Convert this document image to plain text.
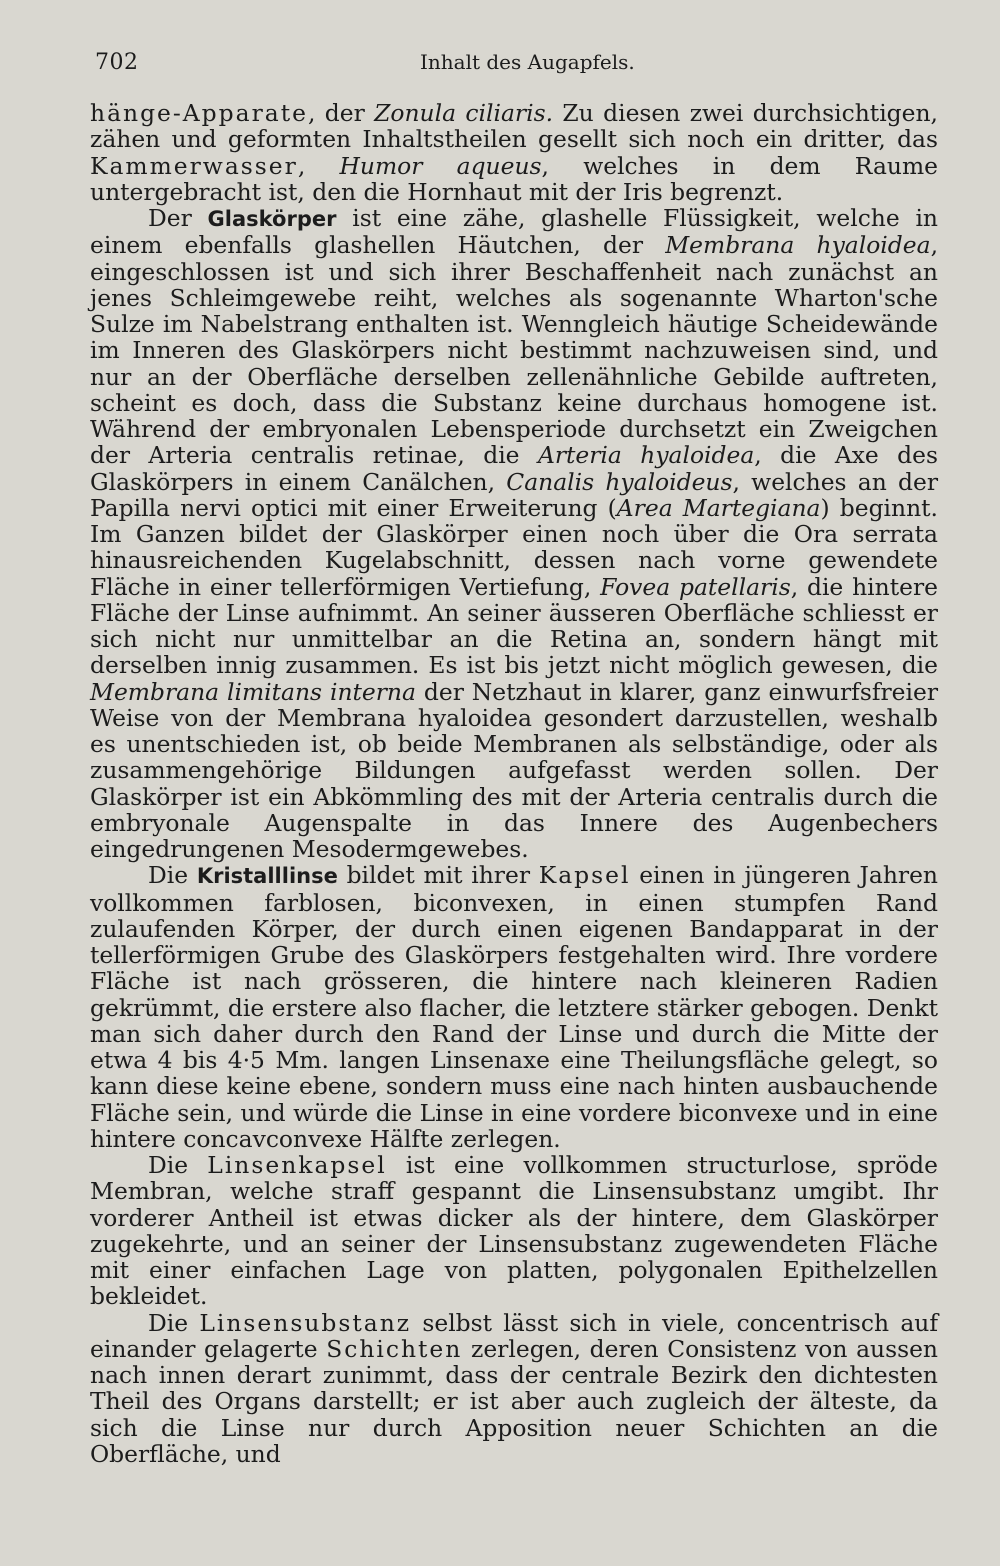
702	Inhalt des Augapfels.

hänge-Apparate, der Zonula ciliaris. Zu diesen zwei durchsichtigen, zähen und geformten Inhaltstheilen gesellt sich noch ein dritter, das Kammerwasser, Humor aqueus, welches in dem Raume untergebracht ist, den die Hornhaut mit der Iris begrenzt.

Der Glaskörper ist eine zähe, glashelle Flüssigkeit, welche in einem ebenfalls glashellen Häutchen, der Membrana hyaloidea, eingeschlossen ist und sich ihrer Beschaffenheit nach zunächst an jenes Schleimgewebe reiht, welches als sogenannte Wharton'sche Sulze im Nabelstrang enthalten ist. Wenngleich häutige Scheidewände im Inneren des Glaskörpers nicht bestimmt nachzuweisen sind, und nur an der Oberfläche derselben zellenähnliche Gebilde auftreten, scheint es doch, dass die Substanz keine durchaus homogene ist. Während der embryonalen Lebensperiode durchsetzt ein Zweigchen der Arteria centralis retinae, die Arteria hyaloidea, die Axe des Glaskörpers in einem Canälchen, Canalis hyaloideus, welches an der Papilla nervi optici mit einer Erweiterung (Area Martegiana) beginnt. Im Ganzen bildet der Glaskörper einen noch über die Ora serrata hinausreichenden Kugelabschnitt, dessen nach vorne gewendete Fläche in einer tellerförmigen Vertiefung, Fovea patellaris, die hintere Fläche der Linse aufnimmt. An seiner äusseren Oberfläche schliesst er sich nicht nur unmittelbar an die Retina an, sondern hängt mit derselben innig zusammen. Es ist bis jetzt nicht möglich gewesen, die Membrana limitans interna der Netzhaut in klarer, ganz einwurfsfreier Weise von der Membrana hyaloidea gesondert darzustellen, weshalb es unentschieden ist, ob beide Membranen als selbständige, oder als zusammengehörige Bildungen aufgefasst werden sollen. Der Glaskörper ist ein Abkömmling des mit der Arteria centralis durch die embryonale Augenspalte in das Innere des Augenbechers eingedrungenen Mesodermgewebes.

Die Kristalllinse bildet mit ihrer Kapsel einen in jüngeren Jahren vollkommen farblosen, biconvexen, in einen stumpfen Rand zulaufenden Körper, der durch einen eigenen Bandapparat in der tellerförmigen Grube des Glaskörpers festgehalten wird. Ihre vordere Fläche ist nach grösseren, die hintere nach kleineren Radien gekrümmt, die erstere also flacher, die letztere stärker gebogen. Denkt man sich daher durch den Rand der Linse und durch die Mitte der etwa 4 bis 4·5 Mm. langen Linsenaxe eine Theilungsfläche gelegt, so kann diese keine ebene, sondern muss eine nach hinten ausbauchende Fläche sein, und würde die Linse in eine vordere biconvexe und in eine hintere concavconvexe Hälfte zerlegen.

Die Linsenkapsel ist eine vollkommen structurlose, spröde Membran, welche straff gespannt die Linsensubstanz umgibt. Ihr vorderer Antheil ist etwas dicker als der hintere, dem Glaskörper zugekehrte, und an seiner der Linsensubstanz zugewendeten Fläche mit einer einfachen Lage von platten, polygonalen Epithelzellen bekleidet.

Die Linsensubstanz selbst lässt sich in viele, concentrisch auf einander gelagerte Schichten zerlegen, deren Consistenz von aussen nach innen derart zunimmt, dass der centrale Bezirk den dichtesten Theil des Organs darstellt; er ist aber auch zugleich der älteste, da sich die Linse nur durch Apposition neuer Schichten an die Oberfläche, und
